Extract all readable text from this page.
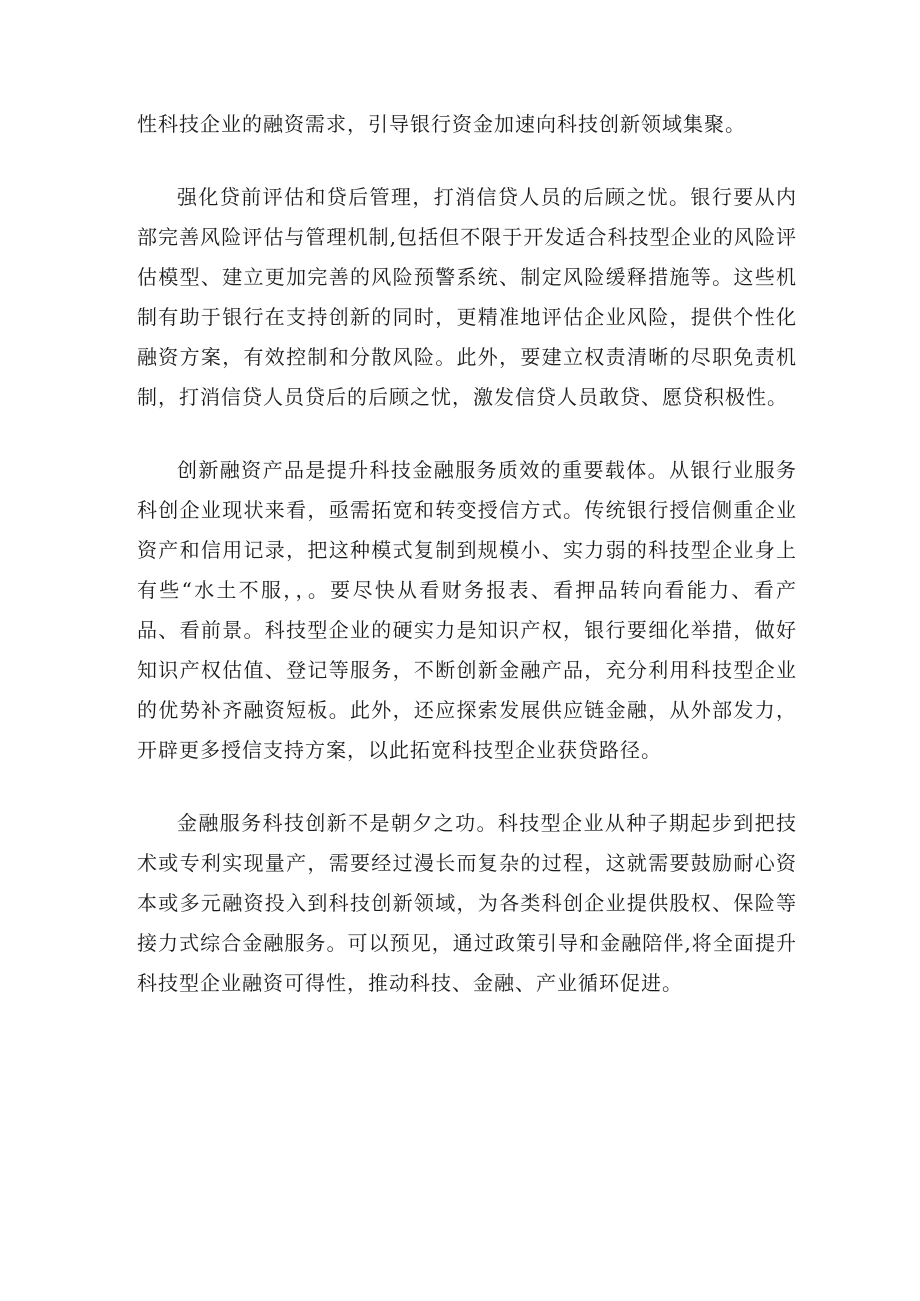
性科技企业的融资需求，引导银行资金加速向科技创新领域集聚。

强化贷前评估和贷后管理，打消信贷人员的后顾之忧。银行要从内部完善风险评估与管理机制,包括但不限于开发适合科技型企业的风险评估模型、建立更加完善的风险预警系统、制定风险缓释措施等。这些机制有助于银行在支持创新的同时，更精准地评估企业风险，提供个性化融资方案，有效控制和分散风险。此外，要建立权责清晰的尽职免责机制，打消信贷人员贷后的后顾之忧，激发信贷人员敢贷、愿贷积极性。

创新融资产品是提升科技金融服务质效的重要载体。从银行业服务科创企业现状来看，亟需拓宽和转变授信方式。传统银行授信侧重企业资产和信用记录，把这种模式复制到规模小、实力弱的科技型企业身上有些“水土不服，，。要尽快从看财务报表、看押品转向看能力、看产品、看前景。科技型企业的硬实力是知识产权，银行要细化举措，做好知识产权估值、登记等服务，不断创新金融产品，充分利用科技型企业的优势补齐融资短板。此外，还应探索发展供应链金融，从外部发力，开辟更多授信支持方案，以此拓宽科技型企业获贷路径。

金融服务科技创新不是朝夕之功。科技型企业从种子期起步到把技术或专利实现量产，需要经过漫长而复杂的过程，这就需要鼓励耐心资本或多元融资投入到科技创新领域，为各类科创企业提供股权、保险等接力式综合金融服务。可以预见，通过政策引导和金融陪伴,将全面提升科技型企业融资可得性，推动科技、金融、产业循环促进。
